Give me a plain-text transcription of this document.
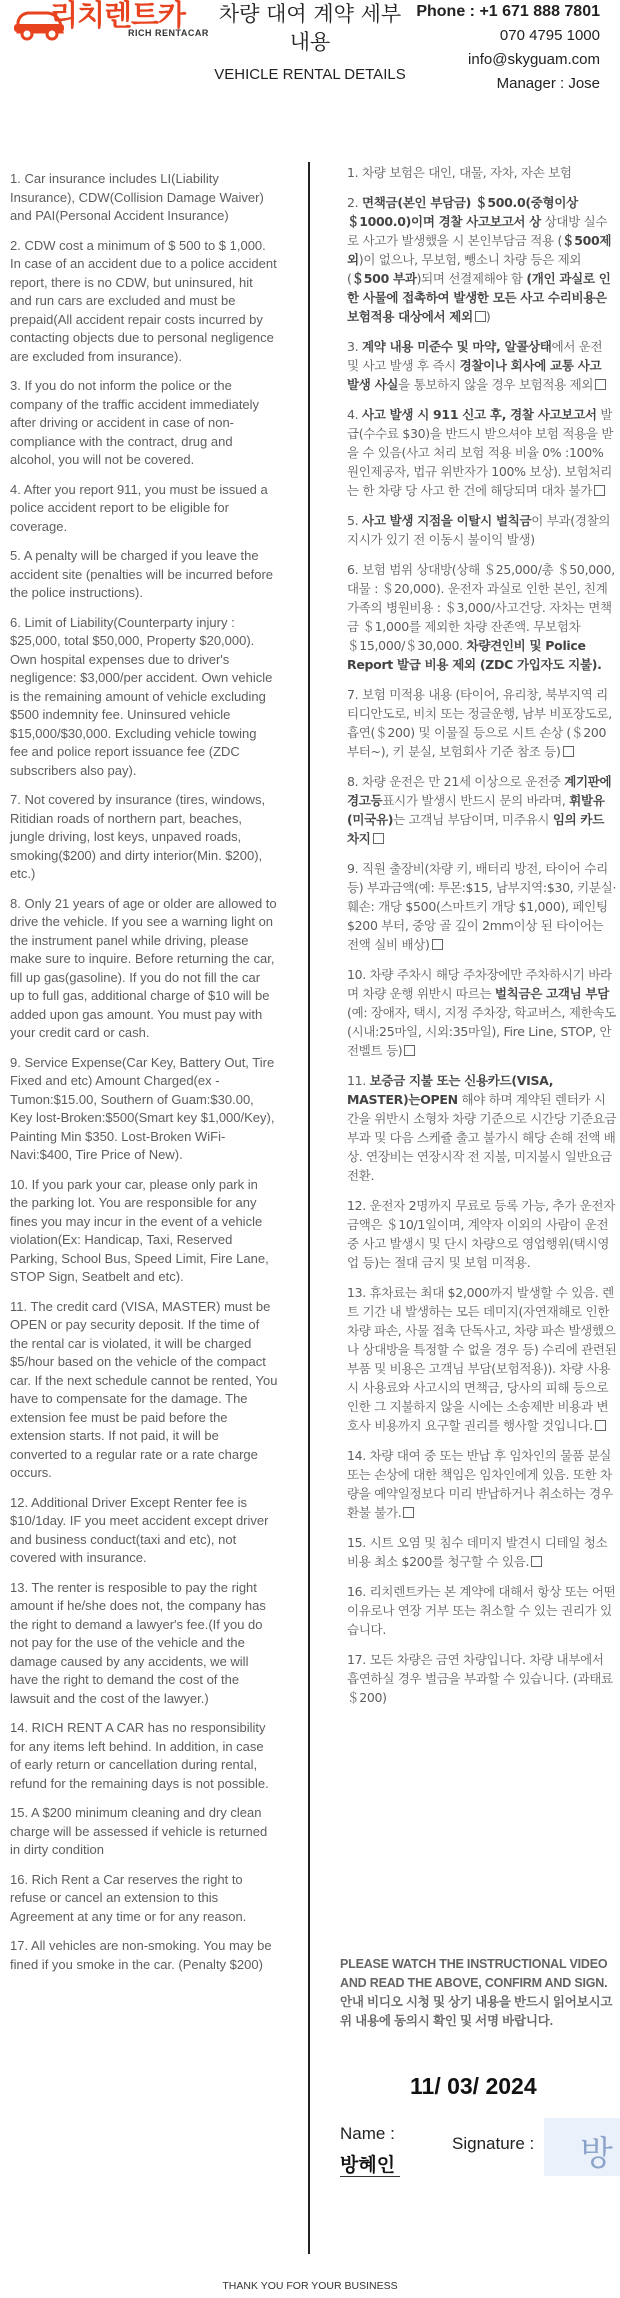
리치렌트카
RICH RENTACAR
차량 대여 계약 세부 내용
VEHICLE RENTAL DETAILS
Phone : +1 671 888 7801
070 4795 1000
info@skyguam.com
Manager : Jose

1. Car insurance includes LI(Liability Insurance), CDW(Collision Damage Waiver) and PAI(Personal Accident Insurance)

2. CDW cost a minimum of $ 500 to $ 1,000. In case of an accident due to a police accident report, there is no CDW, but uninsured, hit and run cars are excluded and must be prepaid(All accident repair costs incurred by contacting objects due to personal negligence are excluded from insurance).

3. If you do not inform the police or the company of the traffic accident immediately after driving or accident in case of non-compliance with the contract, drug and alcohol, you will not be covered.

4. After you report 911, you must be issued a police accident report to be eligible for coverage.

5. A penalty will be charged if you leave the accident site (penalties will be incurred before the police instructions).

6. Limit of Liability(Counterparty injury : $25,000, total $50,000, Property $20,000). Own hospital expenses due to driver's negligence: $3,000/per accident. Own vehicle is the remaining amount of vehicle excluding $500 indemnity fee. Uninsured vehicle $15,000/$30,000. Excluding vehicle towing fee and police report issuance fee (ZDC subscribers also pay).

7. Not covered by insurance (tires, windows, Ritidian roads of northern part, beaches, jungle driving, lost keys, unpaved roads, smoking($200) and dirty interior(Min. $200), etc.)

8. Only 21 years of age or older are allowed to drive the vehicle. If you see a warning light on the instrument panel while driving, please make sure to inquire. Before returning the car, fill up gas(gasoline). If you do not fill the car up to full gas, additional charge of $10 will be added upon gas amount. You must pay with your credit card or cash.

9. Service Expense(Car Key, Battery Out, Tire Fixed and etc) Amount Charged(ex - Tumon:$15.00, Southern of Guam:$30.00, Key lost-Broken:$500(Smart key $1,000/Key), Painting Min $350. Lost-Broken WiFi-Navi:$400, Tire Price of New).

10. If you park your car, please only park in the parking lot. You are responsible for any fines you may incur in the event of a vehicle violation(Ex: Handicap, Taxi, Reserved Parking, School Bus, Speed Limit, Fire Lane, STOP Sign, Seatbelt and etc).

11. The credit card (VISA, MASTER) must be OPEN or pay security deposit. If the time of the rental car is violated, it will be charged $5/hour based on the vehicle of the compact car. If the next schedule cannot be rented, You have to compensate for the damage. The extension fee must be paid before the extension starts. If not paid, it will be converted to a regular rate or a rate charge occurs.

12. Additional Driver Except Renter fee is $10/1day. IF you meet accident except driver and business conduct(taxi and etc), not covered with insurance.

13. The renter is resposible to pay the right amount if he/she does not, the company has the right to demand a lawyer's fee.(If you do not pay for the use of the vehicle and the damage caused by any accidents, we will have the right to demand the cost of the lawsuit and the cost of the lawyer.)

14. RICH RENT A CAR has no responsibility for any items left behind. In addition, in case of early return or cancellation during rental, refund for the remaining days is not possible.

15. A $200 minimum cleaning and dry clean charge will be assessed if vehicle is returned in dirty condition

16. Rich Rent a Car reserves the right to refuse or cancel an extension to this Agreement at any time or for any reason.

17. All vehicles are non-smoking. You may be fined if you smoke in the car. (Penalty $200)

1. 차량 보험은 대인, 대물, 자차, 자손 보험

2. 면책금(본인 부담금) ＄500.0(중형이상 ＄1000.0)이며 경찰 사고보고서 상 상대방 실수로 사고가 발생했을 시 본인부담금 적용 (＄500제외)이 없으나, 무보험, 뺑소니 차량 등은 제외(＄500 부과)되며 선결제해야 함 (개인 과실로 인한 사물에 접촉하여 발생한 모든 사고 수리비용은 보험적용 대상에서 제외 )

3. 계약 내용 미준수 및 마약, 알콜상태에서 운전 및 사고 발생 후 즉시 경찰이나 회사에 교통 사고 발생 사실을 통보하지 않을 경우 보험적용 제외

4. 사고 발생 시 911 신고 후, 경찰 사고보고서 발급(수수료 $30)을 반드시 받으셔야 보험 적용을 받을 수 있음(사고 처리 보험 적용 비율 0% :100% 원인제공자, 법규 위반자가 100% 보상). 보험처리는 한 차량 당 사고 한 건에 해당되며 대차 불가

5. 사고 발생 지점을 이탈시 벌칙금이 부과(경찰의 지시가 있기 전 이동시 불이익 발생)

6. 보험 범위 상대방(상해 ＄25,000/총 ＄50,000, 대물 : ＄20,000). 운전자 과실로 인한 본인, 친계 가족의 병원비용 : ＄3,000/사고건당. 자차는 면책금 ＄1,000를 제외한 차량 잔존액. 무보험차 ＄15,000/＄30,000. 차량견인비 및 Police Report 발급 비용 제외 (ZDC 가입자도 지불).

7. 보험 미적용 내용 (타이어, 유리창, 북부지역 리티디안도로, 비치 또는 정글운행, 남부 비포장도로, 흡연(＄200) 및 이물질 등으로 시트 손상 (＄200부터~), 키 분실, 보험회사 기준 참조 등)

8. 차량 운전은 만 21세 이상으로 운전중 계기판에 경고등표시가 발생시 반드시 문의 바라며, 휘발유(미국유)는 고객님 부담이며, 미주유시 임의 카드 차지

9. 직원 출장비(차량 키, 배터리 방전, 타이어 수리등) 부과금액(예: 투몬:$15, 남부지역:$30, 키분실·훼손: 개당 $500(스마트키 개당 $1,000), 페인팅 $200 부터, 중앙 골 깊이 2mm이상 된 타이어는 전액 실비 배상)

10. 차량 주차시 해당 주차장에만 주차하시기 바라며 차량 운행 위반시 따르는 벌칙금은 고객님 부담 (예: 장애자, 택시, 지정 주차장, 학교버스, 제한속도(시내:25마일, 시외:35마일), Fire Line, STOP, 안전벨트 등)

11. 보증금 지불 또는 신용카드(VISA, MASTER)는OPEN 해야 하며 계약된 렌터카 시간을 위반시 소형차 차량 기준으로 시간당 기준요금부과 및 다음 스케쥴 출고 불가시 해당 손해 전액 배상. 연장비는 연장시작 전 지불, 미지불시 일반요금 전환.

12. 운전자 2명까지 무료로 등록 가능, 추가 운전자 금액은 ＄10/1일이며, 계약자 이외의 사람이 운전중 사고 발생시 및 단시 차량으로 영업행위(택시영업 등)는 절대 금지 및 보험 미적용.

13. 휴차료는 최대 $2,000까지 발생할 수 있음. 렌트 기간 내 발생하는 모든 데미지(자연재해로 인한 차량 파손, 사물 접촉 단독사고, 차량 파손 발생했으나 상대방을 특정할 수 없을 경우 등) 수리에 관련된 부품 및 비용은 고객님 부담(보험적용)). 차량 사용시 사용료와 사고시의 면책금, 당사의 피해 등으로 인한 그 지불하지 않을 시에는 소송제반 비용과 변호사 비용까지 요구할 권리를 행사할 것입니다.

14. 차량 대여 중 또는 반납 후 임차인의 물품 분실 또는 손상에 대한 책임은 임차인에게 있음. 또한 차량을 예약일정보다 미리 반납하거나 취소하는 경우 환불 불가.

15. 시트 오염 및 침수 데미지 발견시 디테일 청소 비용 최소 $200를 청구할 수 있음.

16. 리치렌트카는 본 계약에 대해서 항상 또는 어떤 이유로나 연장 거부 또는 취소할 수 있는 권리가 있습니다.

17. 모든 차량은 금연 차량입니다. 차량 내부에서 흡연하실 경우 벌금을 부과할 수 있습니다. (과태료 ＄200)

PLEASE WATCH THE INSTRUCTIONAL VIDEO AND READ THE ABOVE, CONFIRM AND SIGN.
안내 비디오 시청 및 상기 내용을 반드시 읽어보시고 위 내용에 동의시 확인 및 서명 바랍니다.
11/ 03/ 2024
Name :
방혜인
Signature : 방
THANK YOU FOR YOUR BUSINESS
